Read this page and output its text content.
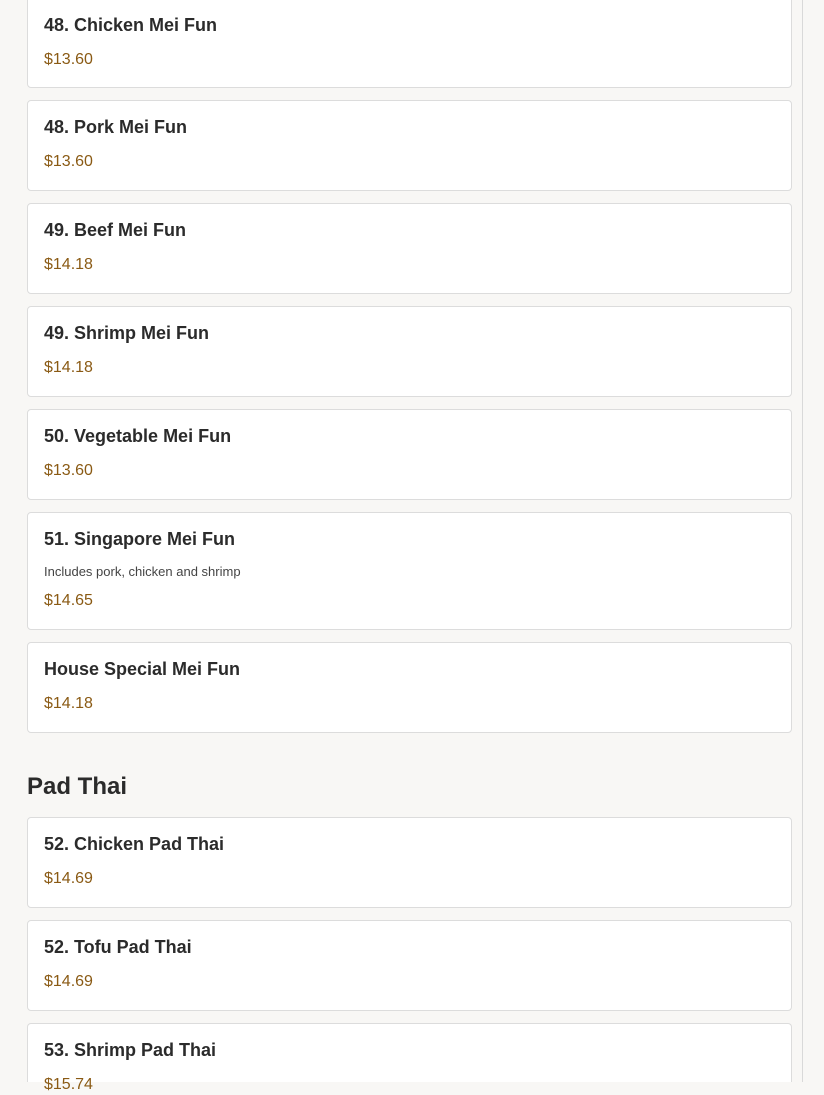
48. Chicken Mei Fun
$13.60
48. Pork Mei Fun
$13.60
49. Beef Mei Fun
$14.18
49. Shrimp Mei Fun
$14.18
50. Vegetable Mei Fun
$13.60
51. Singapore Mei Fun
Includes pork, chicken and shrimp
$14.65
House Special Mei Fun
$14.18
Pad Thai
52. Chicken Pad Thai
$14.69
52. Tofu Pad Thai
$14.69
53. Shrimp Pad Thai
$15.74
